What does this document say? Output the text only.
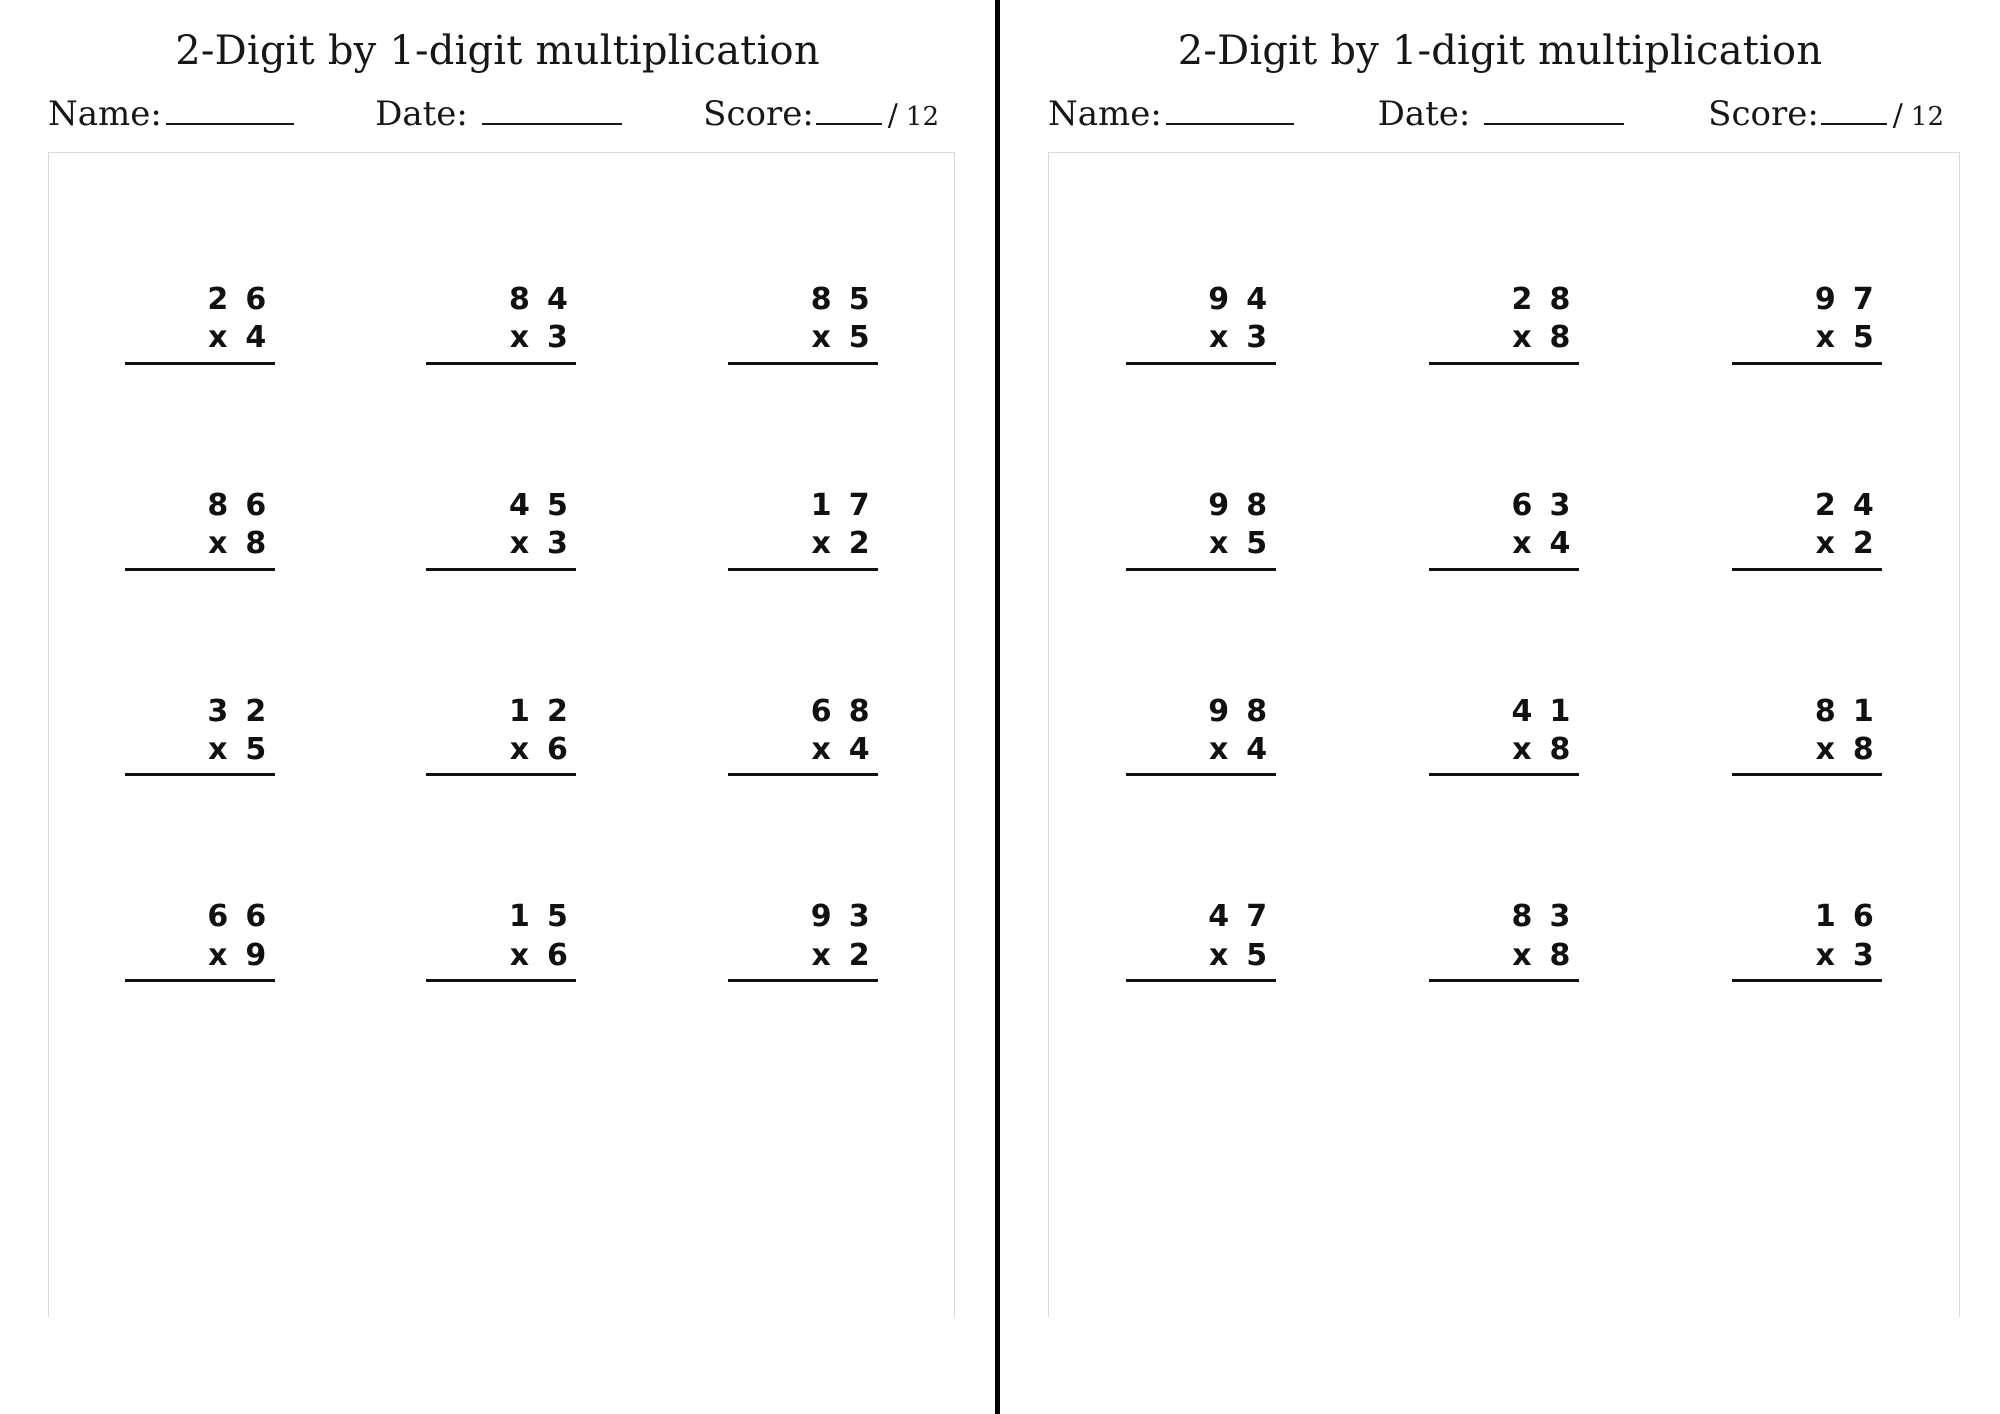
2-Digit by 1-digit multiplication
Name:	Date:	Score: / 12
2 6
x 4
8 4
x 3
8 5
x 5
8 6
x 8
4 5
x 3
1 7
x 2
3 2
x 5
1 2
x 6
6 8
x 4
6 6
x 9
1 5
x 6
9 3
x 2
2-Digit by 1-digit multiplication
Name:	Date:	Score: / 12
9 4
x 3
2 8
x 8
9 7
x 5
9 8
x 5
6 3
x 4
2 4
x 2
9 8
x 4
4 1
x 8
8 1
x 8
4 7
x 5
8 3
x 8
1 6
x 3
